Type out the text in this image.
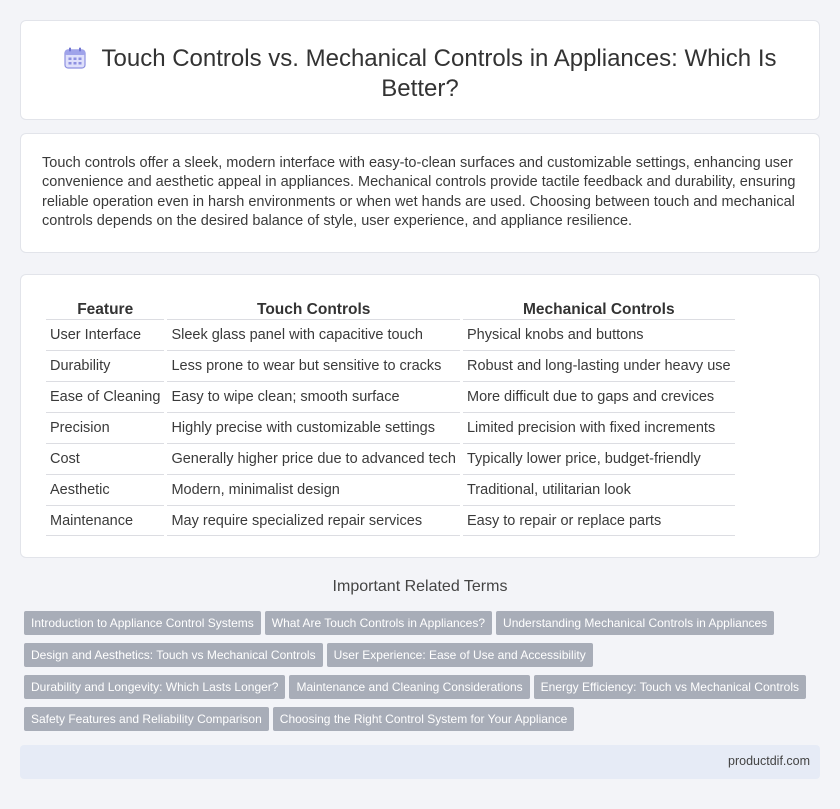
Touch Controls vs. Mechanical Controls in Appliances: Which Is
Better?

Touch controls offer a sleek, modern interface with easy-to-clean surfaces and customizable settings, enhancing user convenience and aesthetic appeal in appliances. Mechanical controls provide tactile feedback and durability, ensuring reliable operation even in harsh environments or when wet hands are used. Choosing between touch and mechanical controls depends on the desired balance of style, user experience, and appliance resilience.

Feature	Touch Controls	Mechanical Controls
User Interface	Sleek glass panel with capacitive touch	Physical knobs and buttons
Durability	Less prone to wear but sensitive to cracks	Robust and long-lasting under heavy use
Ease of Cleaning	Easy to wipe clean; smooth surface	More difficult due to gaps and crevices
Precision	Highly precise with customizable settings	Limited precision with fixed increments
Cost	Generally higher price due to advanced tech	Typically lower price, budget-friendly
Aesthetic	Modern, minimalist design	Traditional, utilitarian look
Maintenance	May require specialized repair services	Easy to repair or replace parts
Important Related Terms
Introduction to Appliance Control Systems What Are Touch Controls in Appliances? Understanding Mechanical Controls in Appliances
Design and Aesthetics: Touch vs Mechanical Controls User Experience: Ease of Use and Accessibility
Durability and Longevity: Which Lasts Longer? Maintenance and Cleaning Considerations Energy Efficiency: Touch vs Mechanical Controls
Safety Features and Reliability Comparison Choosing the Right Control System for Your Appliance
productdif.com
